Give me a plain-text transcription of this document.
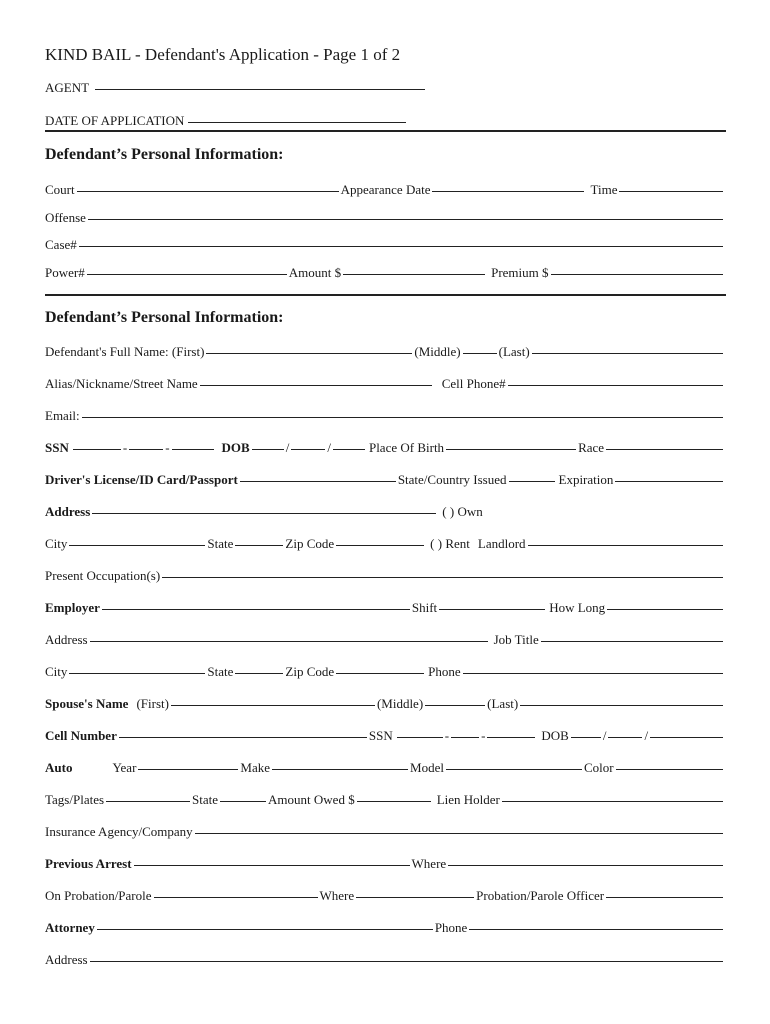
KIND BAIL - Defendant's Application - Page 1 of 2
AGENT
DATE OF APPLICATION
Defendant’s Personal Information:
Court	Appearance Date	Time
Offense
Case#
Power#	Amount $	Premium $
Defendant’s Personal Information:
Defendant's Full Name: (First)	(Middle)	(Last)
Alias/Nickname/Street Name	Cell Phone#
Email:
SSN	-	-	DOB	/	/	Place Of Birth	Race
Driver's License/ID Card/Passport	State/Country Issued	Expiration
Address	( ) Own
City	State	Zip Code	( ) Rent Landlord
Present Occupation(s)
Employer	Shift	How Long
Address	Job Title
City	State	Zip Code	Phone
Spouse's Name (First)	(Middle)	(Last)
Cell Number	SSN	- -	DOB	/	/
Auto	Year	Make	Model	Color
Tags/Plates	State	Amount Owed $	Lien Holder
Insurance Agency/Company
Previous Arrest	Where
On Probation/Parole	Where	Probation/Parole Officer
Attorney	Phone
Address
